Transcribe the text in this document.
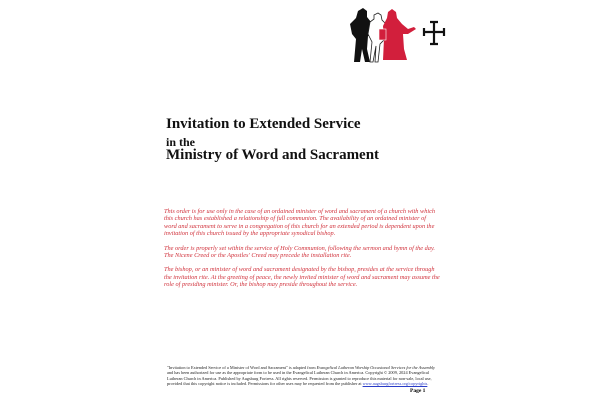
Invitation to Extended Service
in the
Ministry of Word and Sacrament

This order is for use only in the case of an ordained minister of word and sacrament of a church with which this church has established a relationship of full communion. The availability of an ordained minister of word and sacrament to serve in a congregation of this church for an extended period is dependent upon the invitation of this church issued by the appropriate synodical bishop.

The order is properly set within the service of Holy Communion, following the sermon and hymn of the day. The Nicene Creed or the Apostles' Creed may precede the installation rite.

The bishop, or an minister of word and sacrament designated by the bishop, presides at the service through the invitation rite. At the greeting of peace, the newly invited minister of word and sacrament may assume the role of presiding minister. Or, the bishop may preside throughout the service.

"Invitation to Extended Service of a Minister of Word and Sacrament" is adapted from Evangelical Lutheran Worship Occasional Services for the Assembly and has been authorized for use as the appropriate form to be used in the Evangelical Lutheran Church in America. Copyright © 2009, 2024 Evangelical Lutheran Church in America. Published by Augsburg Fortress. All rights reserved. Permission is granted to reproduce this material for non-sale, local use, provided that this copyright notice is included. Permissions for other uses may be requested from the publisher at www.augsburgfortress.org/copyrights.
Page 1
